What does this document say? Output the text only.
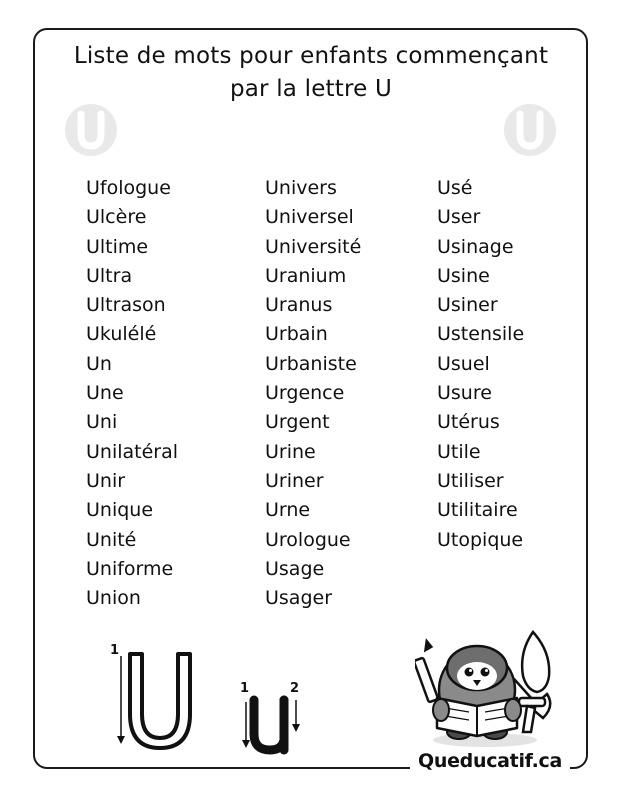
Liste de mots pour enfants commençant
par la lettre U
Ufologue
Ulcère
Ultime
Ultra
Ultrason
Ukulélé
Un
Une
Uni
Unilatéral
Unir
Unique
Unité
Uniforme
Union
Univers
Universel
Université
Uranium
Uranus
Urbain
Urbaniste
Urgence
Urgent
Urine
Uriner
Urne
Urologue
Usage
Usager
Usé
User
Usinage
Usine
Usiner
Ustensile
Usuel
Usure
Utérus
Utile
Utiliser
Utilitaire
Utopique
1
1	2
Queducatif.ca
